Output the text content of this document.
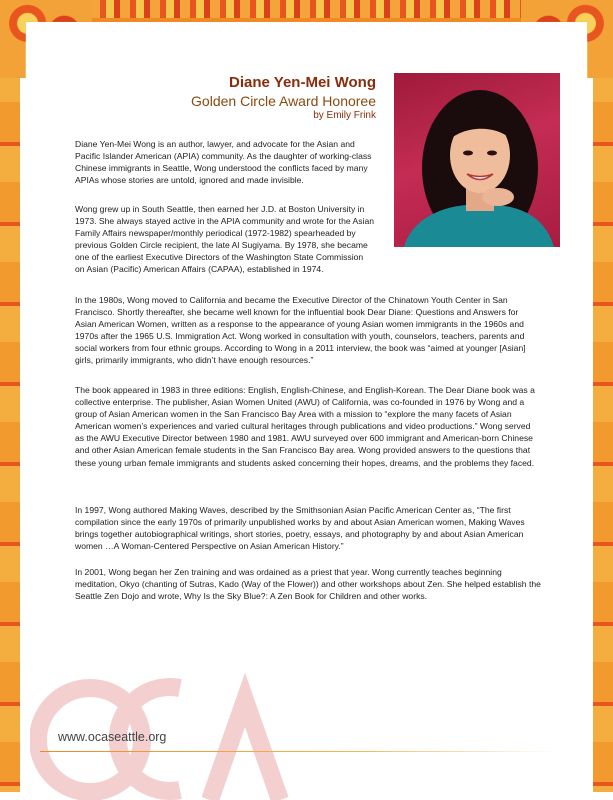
Diane Yen-Mei Wong
Golden Circle Award Honoree
by Emily Frink

Diane Yen-Mei Wong is an author, lawyer, and advocate for the Asian and Pacific Islander American (APIA) community. As the daughter of working-class Chinese immigrants in Seattle, Wong understood the conflicts faced by many APIAs whose stories are untold, ignored and made invisible.

Wong grew up in South Seattle, then earned her J.D. at Boston University in 1973. She always stayed active in the APIA community and wrote for the Asian Family Affairs newspaper/monthly periodical (1972-1982) spearheaded by previous Golden Circle recipient, the late Al Sugiyama. By 1978, she became one of the earliest Executive Directors of the Washington State Commission on Asian (Pacific) American Affairs (CAPAA), established in 1974.

In the 1980s, Wong moved to California and became the Executive Director of the Chinatown Youth Center in San Francisco. Shortly thereafter, she became well known for the influential book Dear Diane: Questions and Answers for Asian American Women, written as a response to the appearance of young Asian women immigrants in the 1960s and 1970s after the 1965 U.S. Immigration Act. Wong worked in consultation with youth, counselors, teachers, parents and social workers from four ethnic groups. According to Wong in a 2011 interview, the book was “aimed at younger [Asian] girls, primarily immigrants, who didn’t have enough resources.”

The book appeared in 1983 in three editions: English, English-Chinese, and English-Korean. The Dear Diane book was a collective enterprise. The publisher, Asian Women United (AWU) of California, was co-founded in 1976 by Wong and a group of Asian American women in the San Francisco Bay Area with a mission to “explore the many facets of Asian American women’s experiences and varied cultural heritages through publications and video productions.” Wong served as the AWU Executive Director between 1980 and 1981. AWU surveyed over 600 immigrant and American-born Chinese and other Asian American female students in the San Francisco Bay area. Wong provided answers to the questions that these young urban female immigrants and students asked concerning their hopes, dreams, and the problems they faced.

In 1997, Wong authored Making Waves, described by the Smithsonian Asian Pacific American Center as, “The first compilation since the early 1970s of primarily unpublished works by and about Asian American women, Making Waves brings together autobiographical writings, short stories, poetry, essays, and photography by and about Asian American women …A Woman-Centered Perspective on Asian American History.”

In 2001, Wong began her Zen training and was ordained as a priest that year. Wong currently teaches beginning meditation, Okyo (chanting of Sutras, Kado (Way of the Flower)) and other workshops about Zen. She helped establish the Seattle Zen Dojo and wrote, Why Is the Sky Blue?: A Zen Book for Children and other works.

www.ocaseattle.org
